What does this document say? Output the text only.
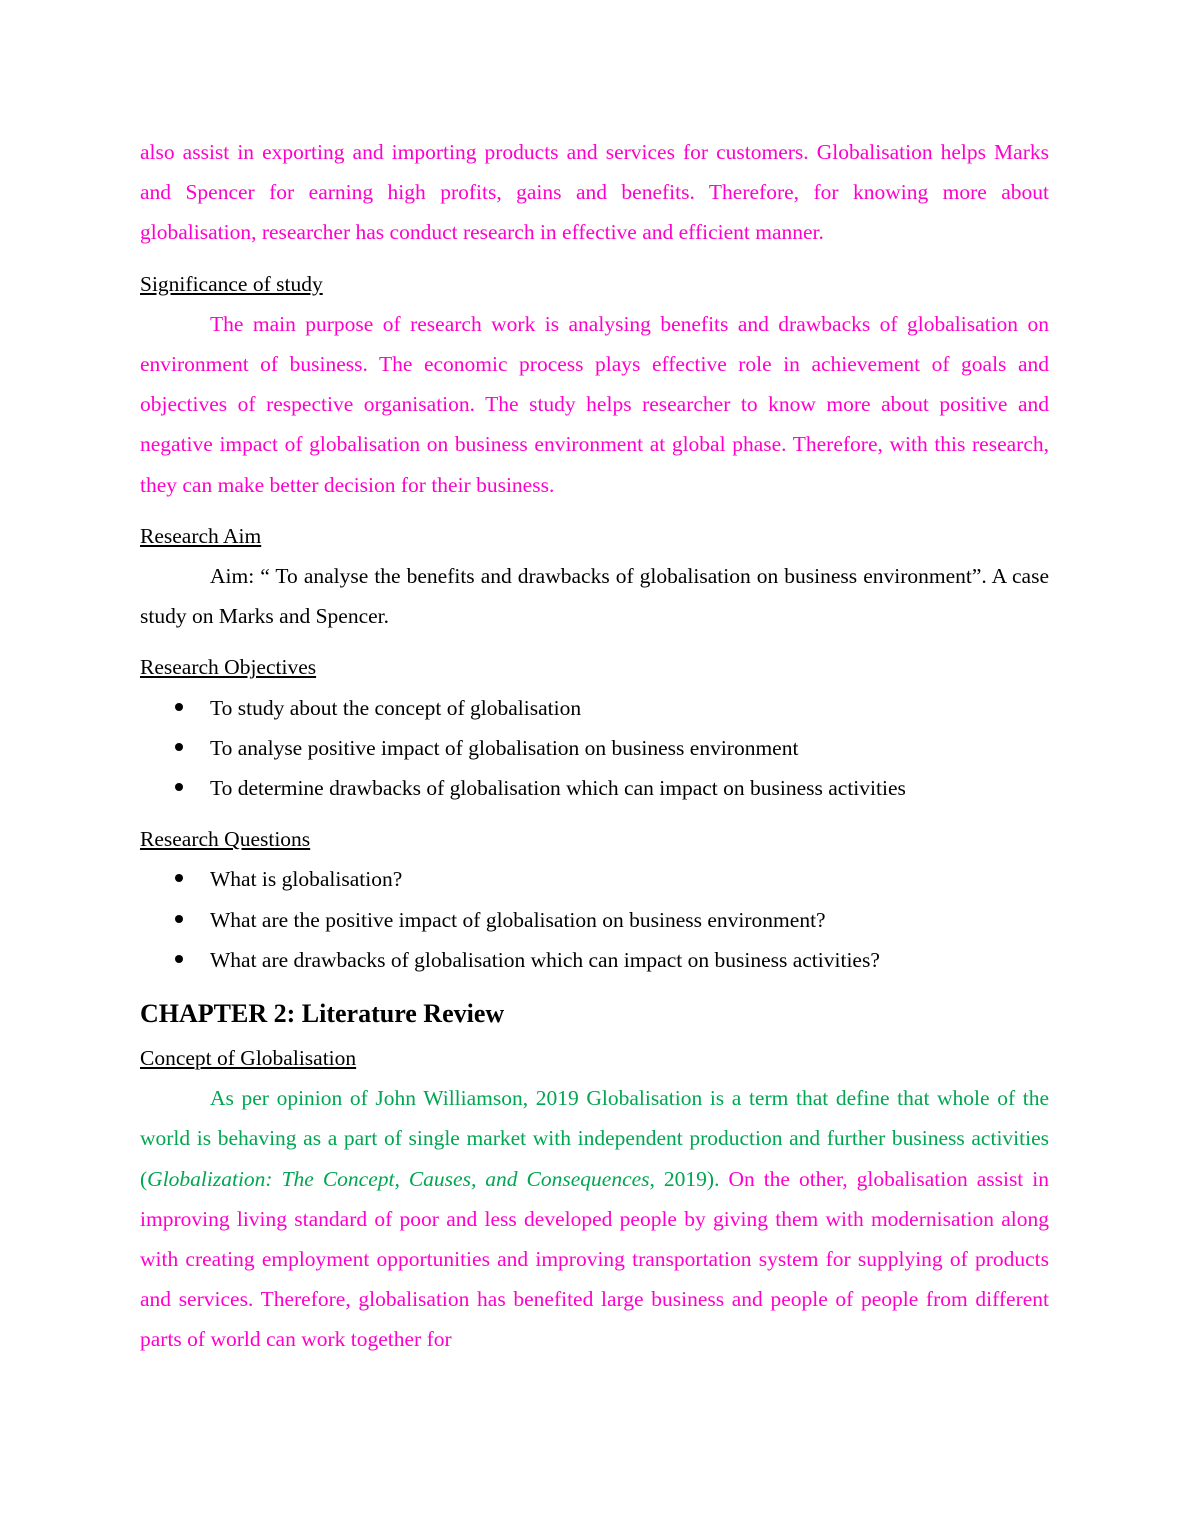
also assist in exporting and importing products and services for customers. Globalisation helps Marks and Spencer for earning high profits, gains and benefits. Therefore, for knowing more about globalisation, researcher has conduct research in effective and efficient manner.

Significance of study

The main purpose of research work is analysing benefits and drawbacks of globalisation on environment of business. The economic process plays effective role in achievement of goals and objectives of respective organisation. The study helps researcher to know more about positive and negative impact of globalisation on business environment at global phase. Therefore, with this research, they can make better decision for their business.

Research Aim

Aim: “ To analyse the benefits and drawbacks of globalisation on business environment”. A case study on Marks and Spencer.

Research Objectives

To study about the concept of globalisation
To analyse positive impact of globalisation on business environment
To determine drawbacks of globalisation which can impact on business activities

Research Questions

What is globalisation?
What are the positive impact of globalisation on business environment?
What are drawbacks of globalisation which can impact on business activities?

CHAPTER 2: Literature Review

Concept of Globalisation

As per opinion of John Williamson, 2019 Globalisation is a term that define that whole of the world is behaving as a part of single market with independent production and further business activities (Globalization: The Concept, Causes, and Consequences, 2019). On the other, globalisation assist in improving living standard of poor and less developed people by giving them with modernisation along with creating employment opportunities and improving transportation system for supplying of products and services. Therefore, globalisation has benefited large business and people of people from different parts of world can work together for
